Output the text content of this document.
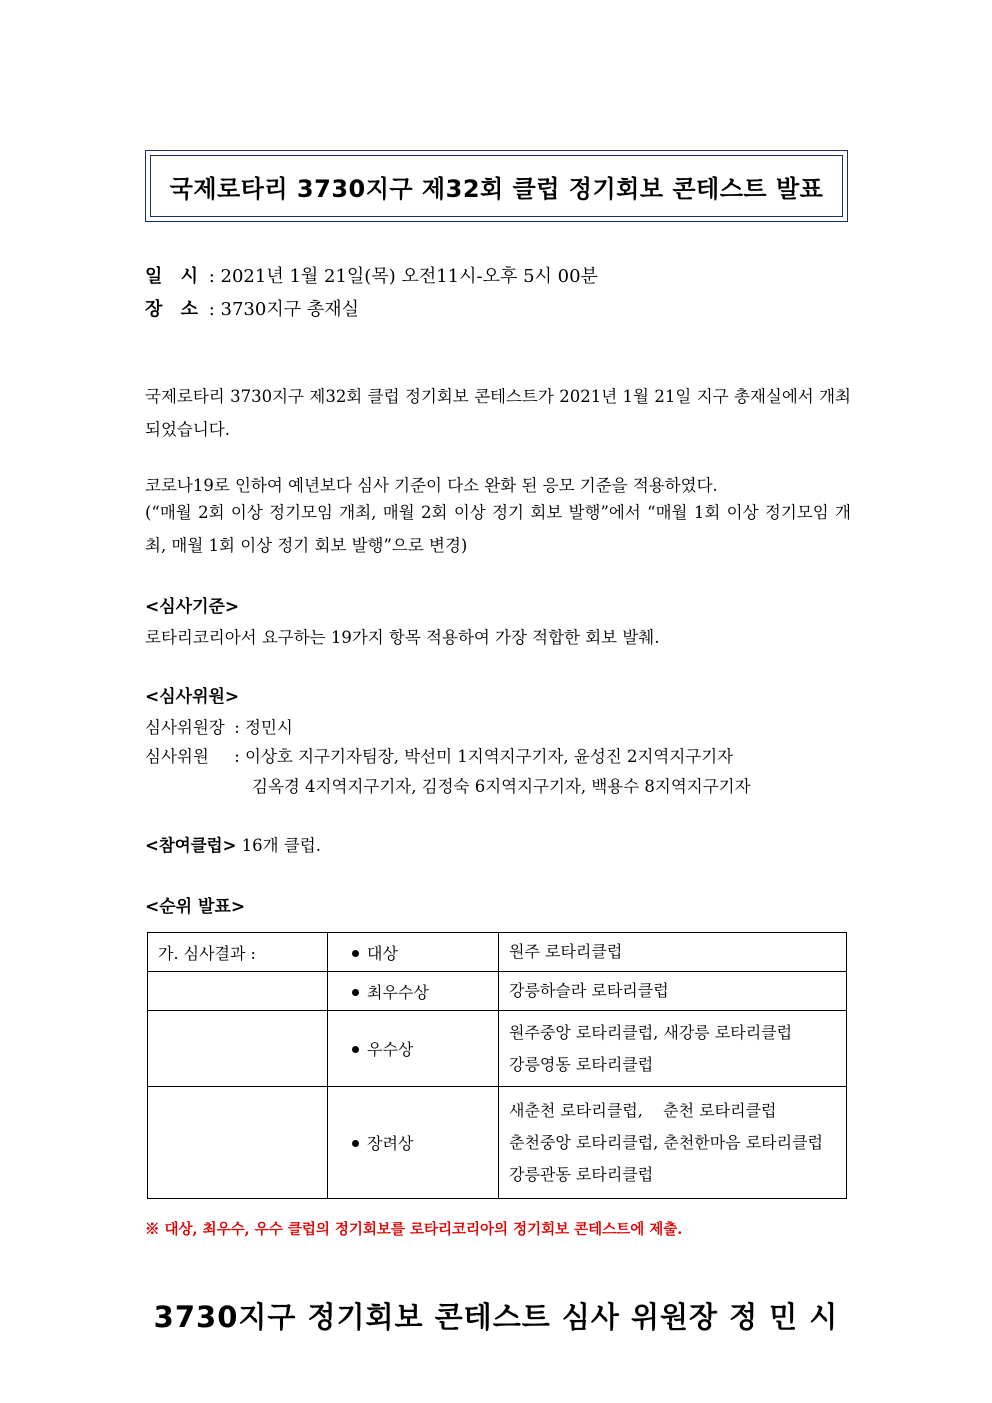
국제로타리 3730지구 제32회 클럽 정기회보 콘테스트 발표
일 시 : 2021년 1월 21일(목) 오전11시-오후 5시 00분
장 소 : 3730지구 총재실
국제로타리 3730지구 제32회 클럽 정기회보 콘테스트가 2021년 1월 21일 지구 총재실에서 개최되었습니다.
코로나19로 인하여 예년보다 심사 기준이 다소 완화 된 응모 기준을 적용하였다.
(“매월 2회 이상 정기모임 개최, 매월 2회 이상 정기 회보 발행”에서 “매월 1회 이상 정기모임 개최, 매월 1회 이상 정기 회보 발행”으로 변경)
<심사기준>
로타리코리아서 요구하는 19가지 항목 적용하여 가장 적합한 회보 발췌.
<심사위원>
심사위원장 : 정민시
심사위원 : 이상호 지구기자팀장, 박선미 1지역지구기자, 윤성진 2지역지구기자
김옥경 4지역지구기자, 김정숙 6지역지구기자, 백용수 8지역지구기자
<참여클럽> 16개 클럽.
<순위 발표>
가. 심사결과 :	대상	원주 로타리클럽

	최우수상	강릉하슬라 로타리클럽

	우수상	원주중앙 로타리클럽, 새강릉 로타리클럽
강릉영동 로타리클럽

	장려상	새춘천 로타리클럽,    춘천 로타리클럽
춘천중앙 로타리클럽, 춘천한마음 로타리클럽
강릉관동 로타리클럽
※ 대상, 최우수, 우수 클럽의 정기회보를 로타리코리아의 정기회보 콘테스트에 제출.
3730지구 정기회보 콘테스트 심사 위원장 정 민 시
